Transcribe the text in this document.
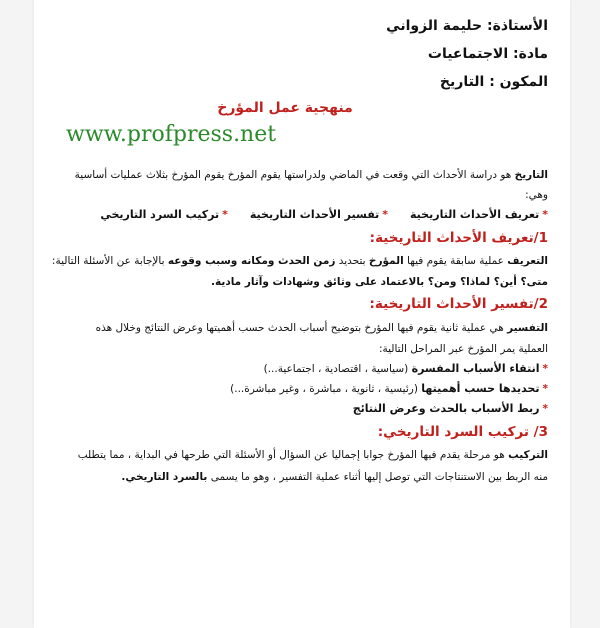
الأستاذة: حليمة الزواني
مادة: الاجتماعيات
المكون : التاريخ
منهجية عمل المؤرخ
www.profpress.net
التاريخ هو دراسة الأحداث التي وقعت في الماضي ولدراستها يقوم المؤرخ يقوم المؤرخ بثلاث عمليات أساسية
وهي:
*تعريف الأحداث التاريخية
*تفسير الأحداث التاريخية
*تركيب السرد التاريخي
1/تعريف الأحداث التاريخية:
التعريف عملية سابقة يقوم فيها المؤرخ بتحديد زمن الحدث ومكانه وسبب وقوعه بالإجابة عن الأسئلة التالية:
متى؟ أين؟ لماذا؟ ومن؟ بالاعتماد على وثائق وشهادات وآثار مادية.
2/تفسير الأحداث التاريخية:
التفسير هي عملية ثانية يقوم فيها المؤرخ بتوضيح أسباب الحدث حسب أهميتها وعرض النتائج وخلال هذه
العملية يمر المؤرخ عبر المراحل التالية:
*انتقاء الأسباب المفسرة (سياسية ، اقتصادية ، اجتماعية...)
*تحديدها حسب أهميتها (رئيسية ، ثانوية ، مباشرة ، وغير مباشرة...)
*ربط الأسباب بالحدث وعرض النتائج
3/ تركيب السرد التاريخي:
التركيب هو مرحلة يقدم فيها المؤرخ جوابا إجماليا عن السؤال أو الأسئلة التي طرحها في البداية ، مما يتطلب
منه الربط بين الاستنتاجات التي توصل إليها أثناء عملية التفسير ، وهو ما يسمى بالسرد التاريخي.
